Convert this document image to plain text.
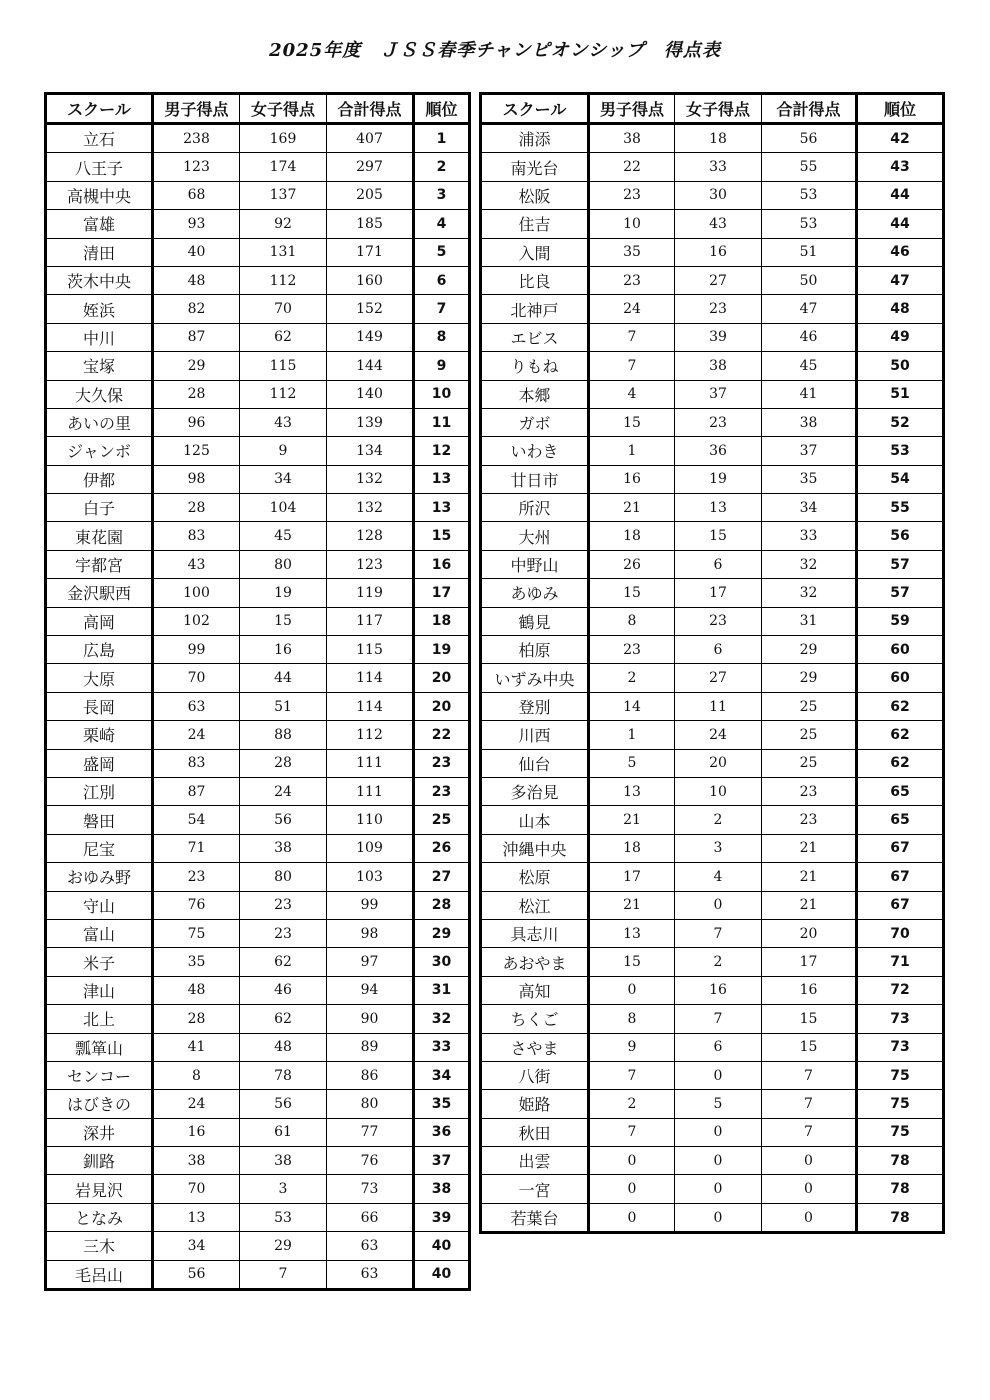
2025年度　ＪＳＳ春季チャンピオンシップ　得点表
スクール	男子得点	女子得点	合計得点	順位
立石	238	169	407	1
八王子	123	174	297	2
高槻中央	68	137	205	3
富雄	93	92	185	4
清田	40	131	171	5
茨木中央	48	112	160	6
姪浜	82	70	152	7
中川	87	62	149	8
宝塚	29	115	144	9
大久保	28	112	140	10
あいの里	96	43	139	11
ジャンボ	125	9	134	12
伊都	98	34	132	13
白子	28	104	132	13
東花園	83	45	128	15
宇都宮	43	80	123	16
金沢駅西	100	19	119	17
高岡	102	15	117	18
広島	99	16	115	19
大原	70	44	114	20
長岡	63	51	114	20
栗崎	24	88	112	22
盛岡	83	28	111	23
江別	87	24	111	23
磐田	54	56	110	25
尼宝	71	38	109	26
おゆみ野	23	80	103	27
守山	76	23	99	28
富山	75	23	98	29
米子	35	62	97	30
津山	48	46	94	31
北上	28	62	90	32
瓢箪山	41	48	89	33
センコー	8	78	86	34
はびきの	24	56	80	35
深井	16	61	77	36
釧路	38	38	76	37
岩見沢	70	3	73	38
となみ	13	53	66	39
三木	34	29	63	40
毛呂山	56	7	63	40
スクール	男子得点	女子得点	合計得点	順位
浦添	38	18	56	42
南光台	22	33	55	43
松阪	23	30	53	44
住吉	10	43	53	44
入間	35	16	51	46
比良	23	27	50	47
北神戸	24	23	47	48
エビス	7	39	46	49
りもね	7	38	45	50
本郷	4	37	41	51
ガボ	15	23	38	52
いわき	1	36	37	53
廿日市	16	19	35	54
所沢	21	13	34	55
大州	18	15	33	56
中野山	26	6	32	57
あゆみ	15	17	32	57
鶴見	8	23	31	59
柏原	23	6	29	60
いずみ中央	2	27	29	60
登別	14	11	25	62
川西	1	24	25	62
仙台	5	20	25	62
多治見	13	10	23	65
山本	21	2	23	65
沖縄中央	18	3	21	67
松原	17	4	21	67
松江	21	0	21	67
具志川	13	7	20	70
あおやま	15	2	17	71
高知	0	16	16	72
ちくご	8	7	15	73
さやま	9	6	15	73
八街	7	0	7	75
姫路	2	5	7	75
秋田	7	0	7	75
出雲	0	0	0	78
一宮	0	0	0	78
若葉台	0	0	0	78
